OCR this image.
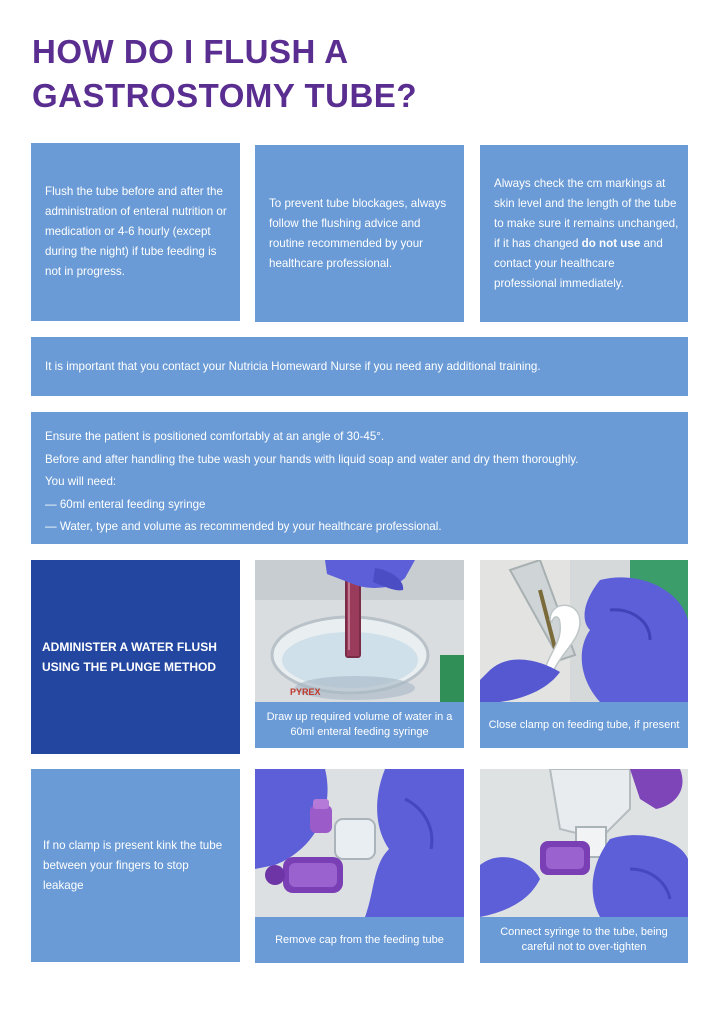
HOW DO I FLUSH A
GASTROSTOMY TUBE?

Flush the tube before and after the administration of enteral nutrition or medication or 4-6 hourly (except during the night) if tube feeding is not in progress.

To prevent tube blockages, always follow the flushing advice and routine recommended by your healthcare professional.

Always check the cm markings at skin level and the length of the tube to make sure it remains unchanged, if it has changed do not use and contact your healthcare professional immediately.

It is important that you contact your Nutricia Homeward Nurse if you need any additional training.

Ensure the patient is positioned comfortably at an angle of 30-45°.

Before and after handling the tube wash your hands with liquid soap and water and dry them thoroughly.

You will need:

— 60ml enteral feeding syringe

— Water, type and volume as recommended by your healthcare professional.

ADMINISTER A WATER FLUSH USING THE PLUNGE METHOD

PYREX
Draw up required volume of water in a 60ml enteral feeding syringe
Close clamp on feeding tube, if present

If no clamp is present kink the tube between your fingers to stop leakage

Remove cap from the feeding tube
Connect syringe to the tube, being careful not to over-tighten
